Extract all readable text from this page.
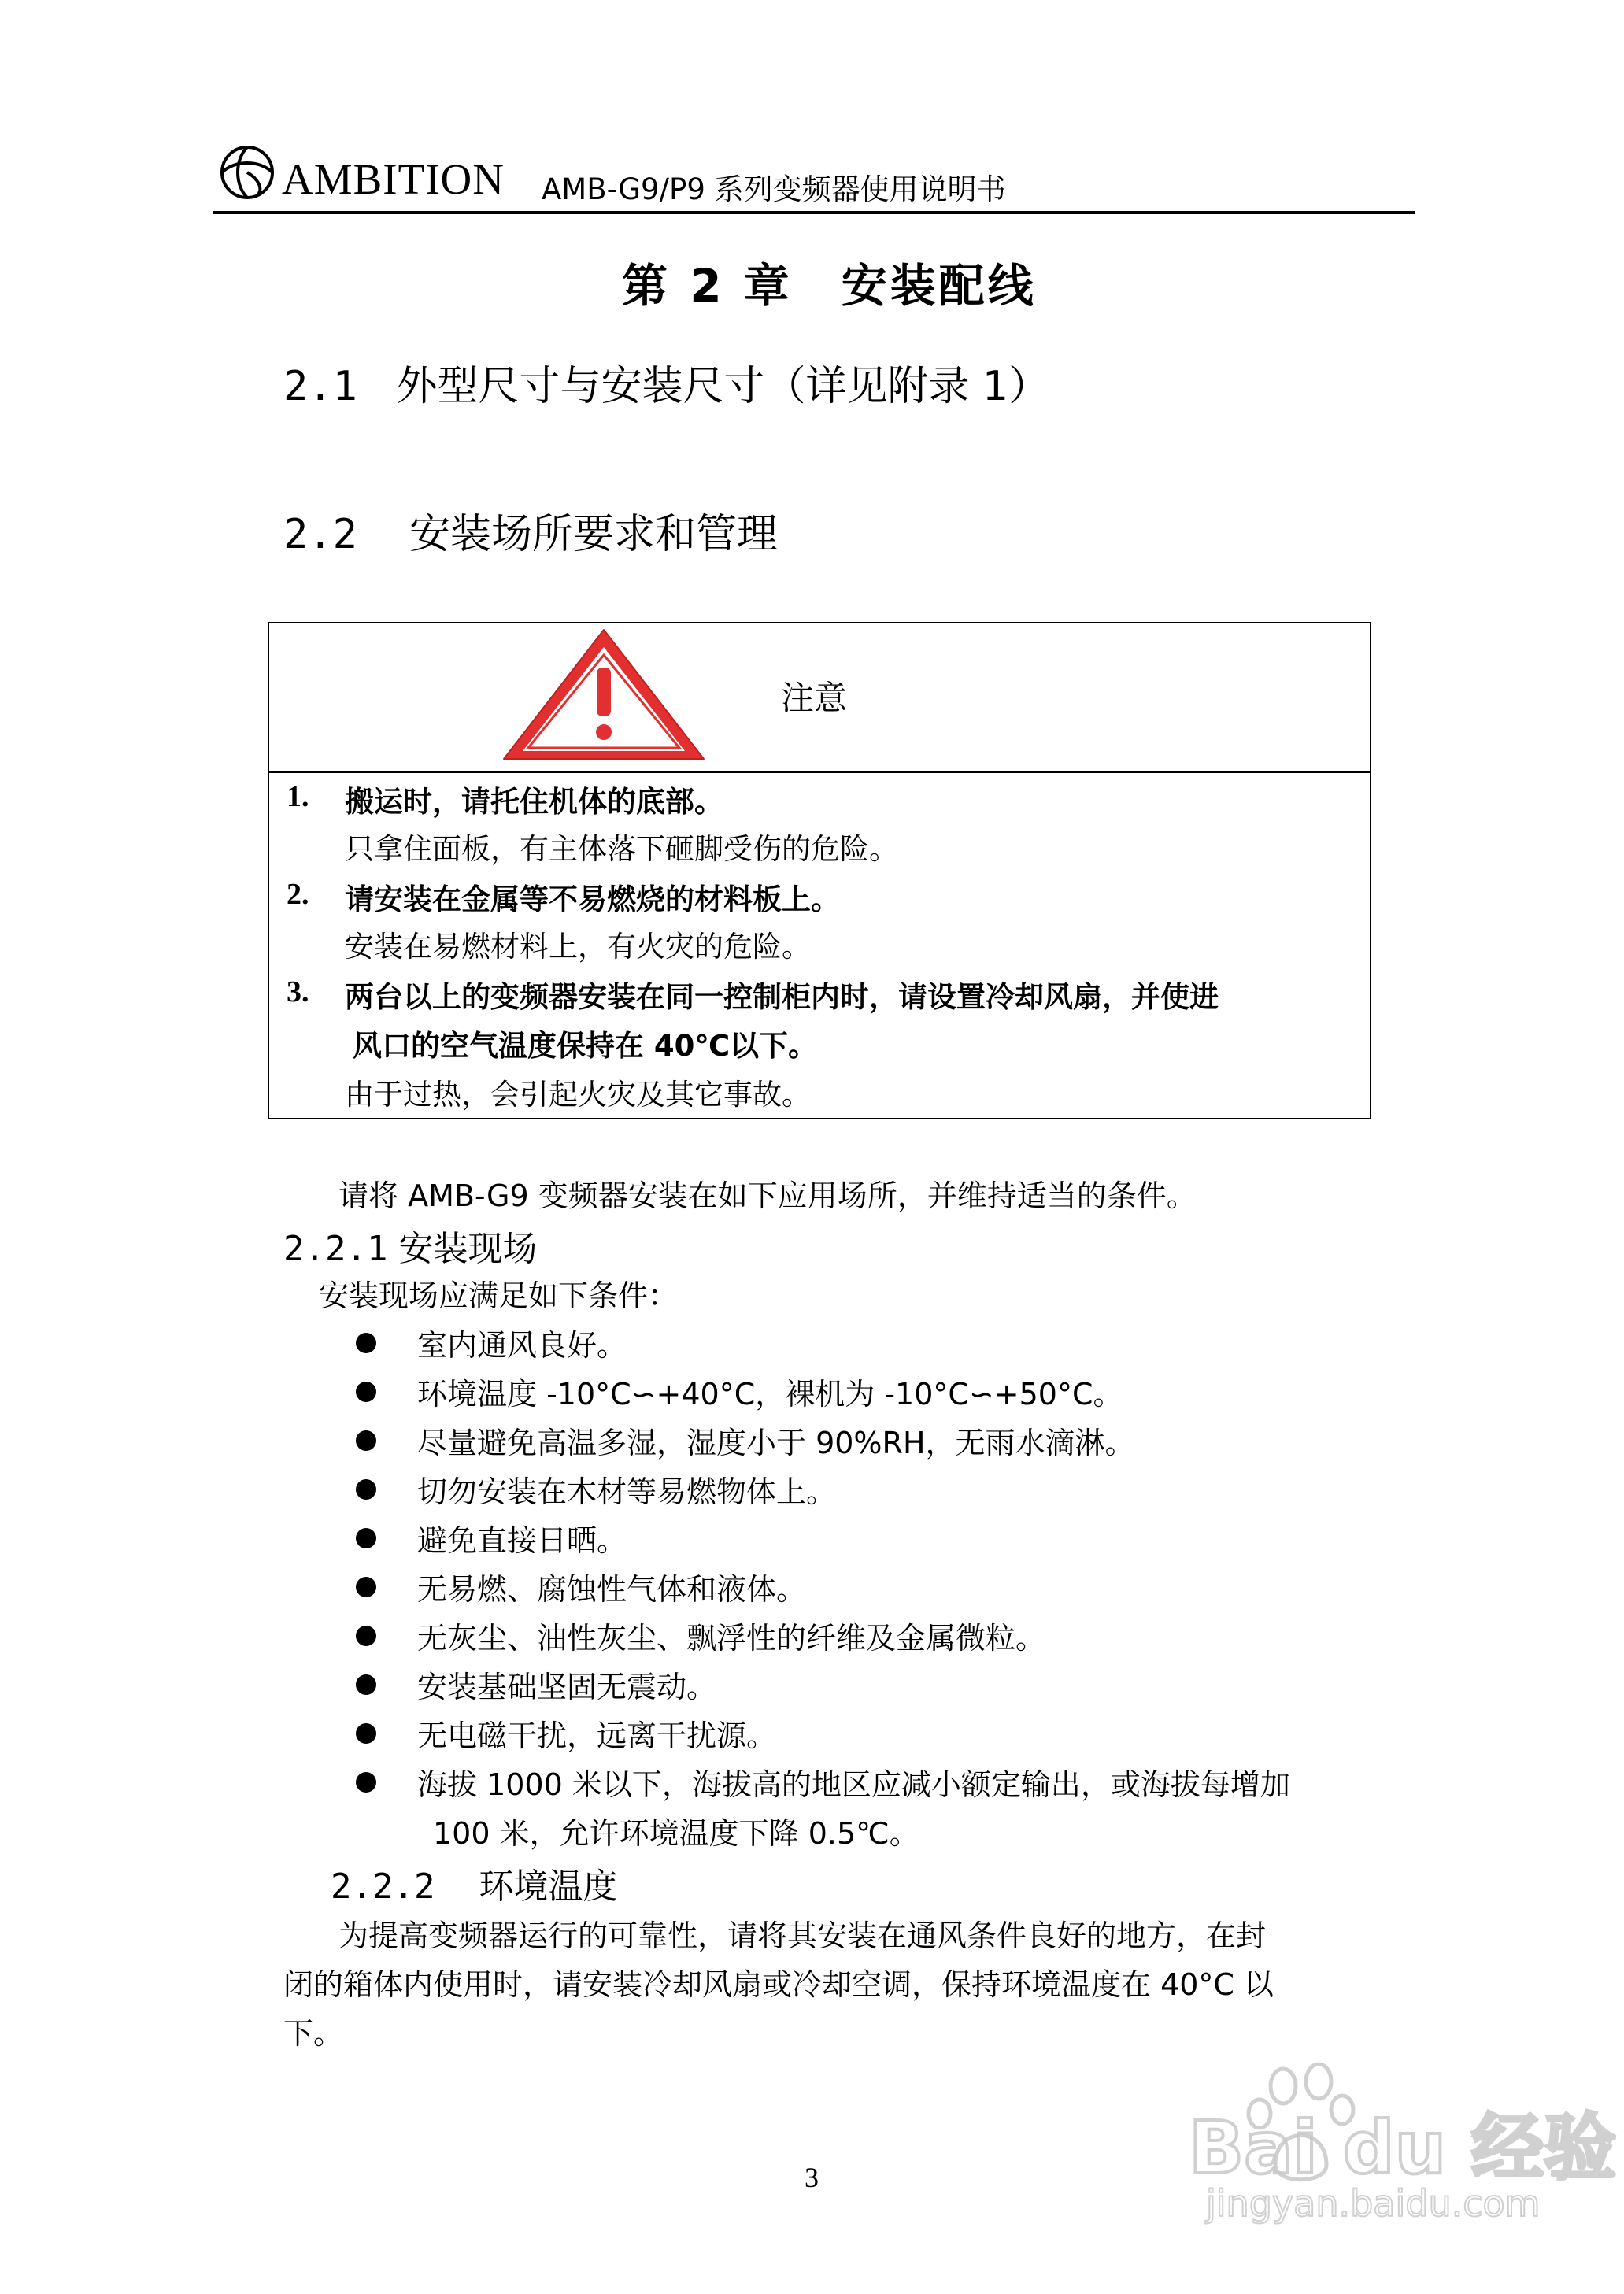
AMBITION AMB-G9/P9 系列变频器使用说明书
第 2 章　安装配线
2.1 外型尺寸与安装尺寸（详见附录 1）
2.2 安装场所要求和管理
注意
1. 搬运时，请托住机体的底部。
只拿住面板，有主体落下砸脚受伤的危险。
2. 请安装在金属等不易燃烧的材料板上。
安装在易燃材料上，有火灾的危险。
3. 两台以上的变频器安装在同一控制柜内时，请设置冷却风扇，并使进
风口的空气温度保持在 40℃以下。
由于过热，会引起火灾及其它事故。
请将 AMB-G9 变频器安装在如下应用场所，并维持适当的条件。
2.2.1 安装现场
安装现场应满足如下条件：
室内通风良好。
环境温度 -10°C∽+40°C，裸机为 -10°C∽+50°C。
尽量避免高温多湿，湿度小于 90%RH，无雨水滴淋。
切勿安装在木材等易燃物体上。
避免直接日晒。
无易燃、腐蚀性气体和液体。
无灰尘、油性灰尘、飘浮性的纤维及金属微粒。
安装基础坚固无震动。
无电磁干扰，远离干扰源。
海拔 1000 米以下，海拔高的地区应减小额定输出，或海拔每增加
100 米，允许环境温度下降 0.5℃。
2.2.2 环境温度
为提高变频器运行的可靠性，请将其安装在通风条件良好的地方，在封
闭的箱体内使用时，请安装冷却风扇或冷却空调，保持环境温度在 40°C 以
下。
3	Bai du 经验
jingyan.baidu.com
